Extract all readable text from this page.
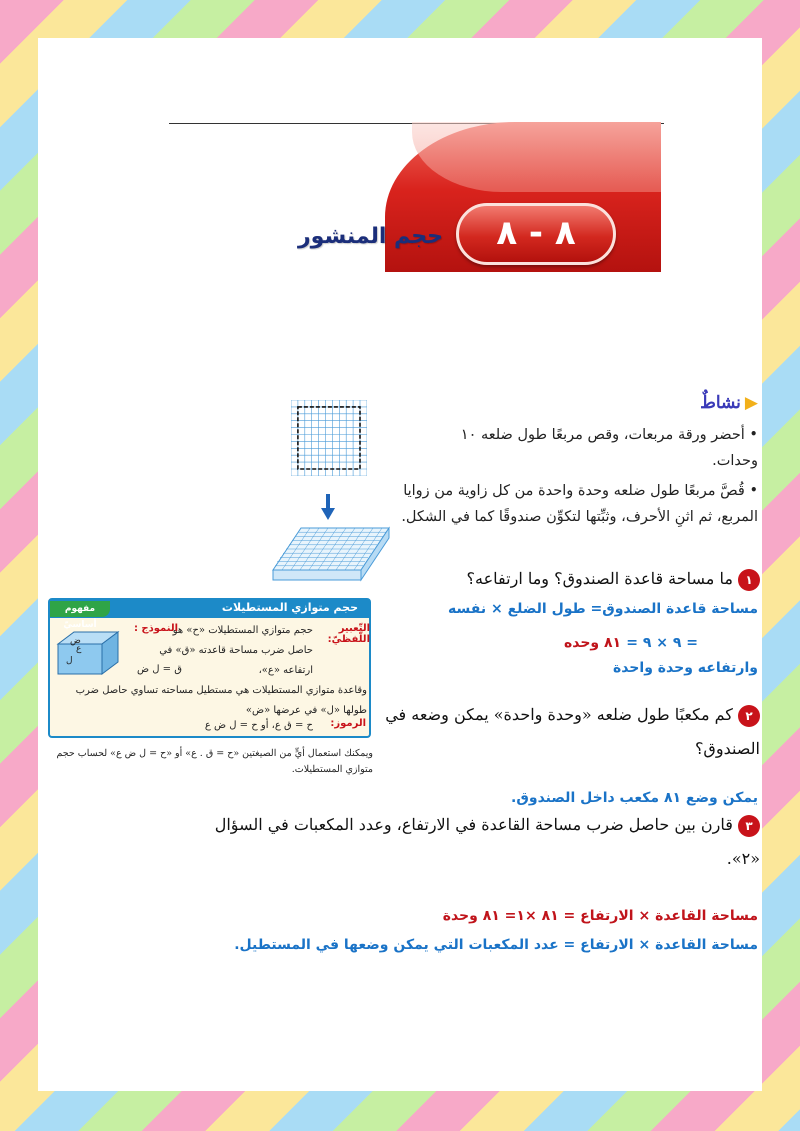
٨ - ٨
حجم المنشور
▶نشاطٌ
• أحضر ورقة مربعات، وقص مربعًا طول ضلعه ١٠ وحدات.
• قُصَّ مربعًا طول ضلعه وحدة واحدة من كل زاوية من زوايا المربع، ثم اثنِ الأحرف، وثبِّتها لتكوِّن صندوقًا كما في الشكل.
١ ما مساحة قاعدة الصندوق؟ وما ارتفاعه؟
مساحة قاعدة الصندوق= طول الضلع × نفسه
= ٩ × ٩ = ٨١ وحده
وارتفاعه وحدة واحدة
٢ كم مكعبًا طول ضلعه «وحدة واحدة» يمكن وضعه في الصندوق؟
يمكن وضع ٨١ مكعب داخل الصندوق.
٣ قارن بين حاصل ضرب مساحة القاعدة في الارتفاع، وعدد المكعبات في السؤال «٢».
مساحة القاعدة × الارتفاع = ٨١ ×١= ٨١ وحدة
مساحة القاعدة × الارتفاع = عدد المكعبات التي يمكن وضعها في المستطيل.
حجم متوازي المستطيلات
مفهوم أساسيّ	التّعبير اللّفظيّ:
حجم متوازي المستطيلات «ح» هو حاصل ضرب مساحة قاعدته «ق» في ارتفاعه «ع»،
النموذج :
ل
ع
ض
ق = ل ض
وقاعدة متوازي المستطيلات هي مستطيل مساحته تساوي حاصل ضرب طولها «ل» في عرضها «ض»
الرموز:
ح = ق ع، أو ح = ل ض ع
ويمكنك استعمال أيٍّ من الصيغتين «ح = ق . ع» أو «ح = ل ض ع» لحساب حجم متوازي المستطيلات.
